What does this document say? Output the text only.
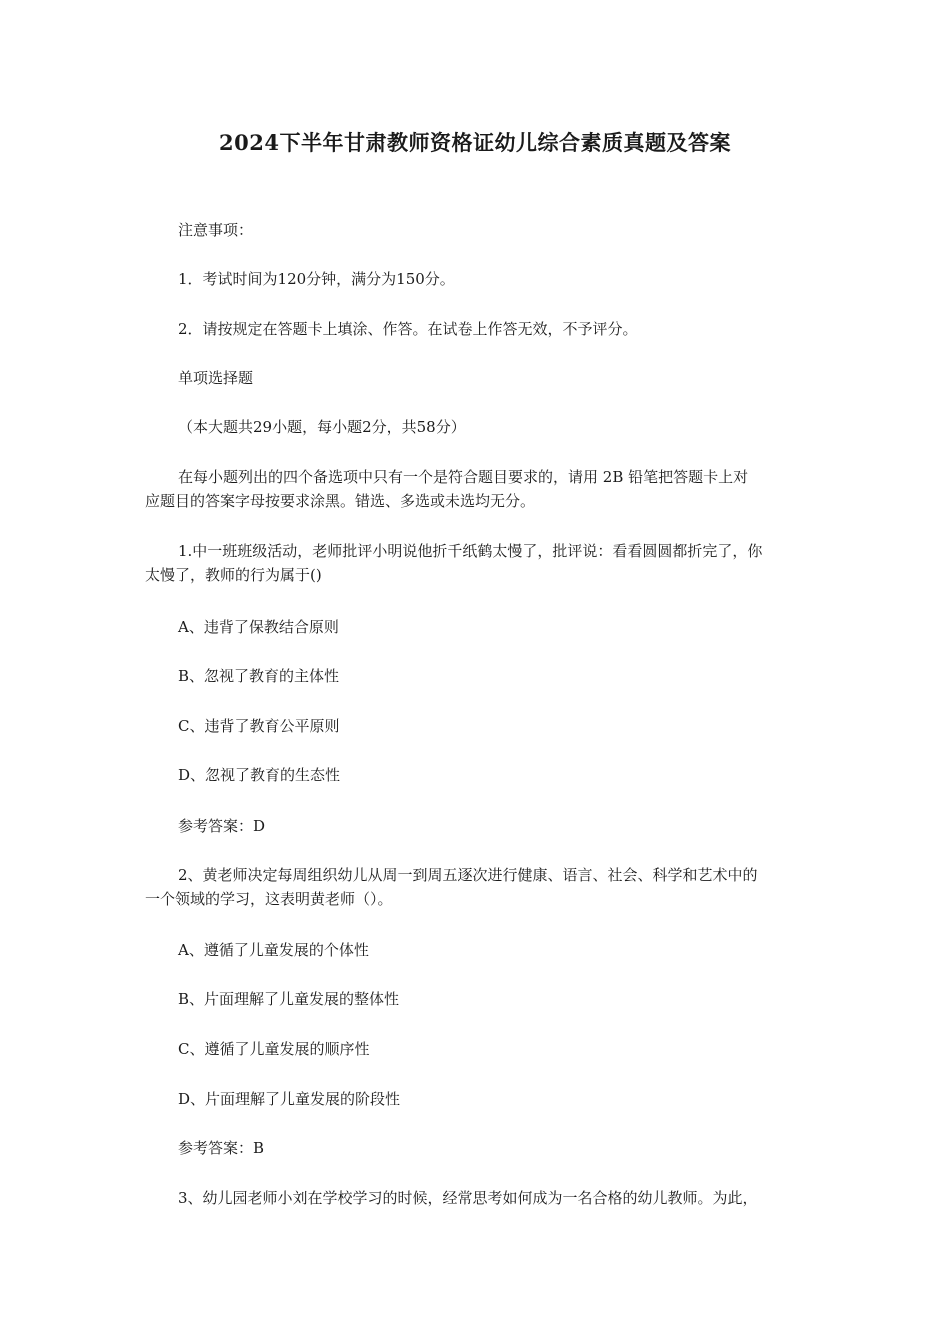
2024下半年甘肃教师资格证幼儿综合素质真题及答案
注意事项：
1．考试时间为120分钟，满分为150分。
2．请按规定在答题卡上填涂、作答。在试卷上作答无效，不予评分。
单项选择题
（本大题共29小题，每小题2分，共58分）
在每小题列出的四个备选项中只有一个是符合题目要求的，请用 2B 铅笔把答题卡上对
应题目的答案字母按要求涂黑。错选、多选或未选均无分。
1.中一班班级活动，老师批评小明说他折千纸鹤太慢了，批评说：看看圆圆都折完了，你
太慢了，教师的行为属于()
A、违背了保教结合原则
B、忽视了教育的主体性
C、违背了教育公平原则
D、忽视了教育的生态性
参考答案：D
2、黄老师决定每周组织幼儿从周一到周五逐次进行健康、语言、社会、科学和艺术中的
一个领域的学习，这表明黄老师（）。
A、遵循了儿童发展的个体性
B、片面理解了儿童发展的整体性
C、遵循了儿童发展的顺序性
D、片面理解了儿童发展的阶段性
参考答案：B
3、幼儿园老师小刘在学校学习的时候，经常思考如何成为一名合格的幼儿教师。为此，
